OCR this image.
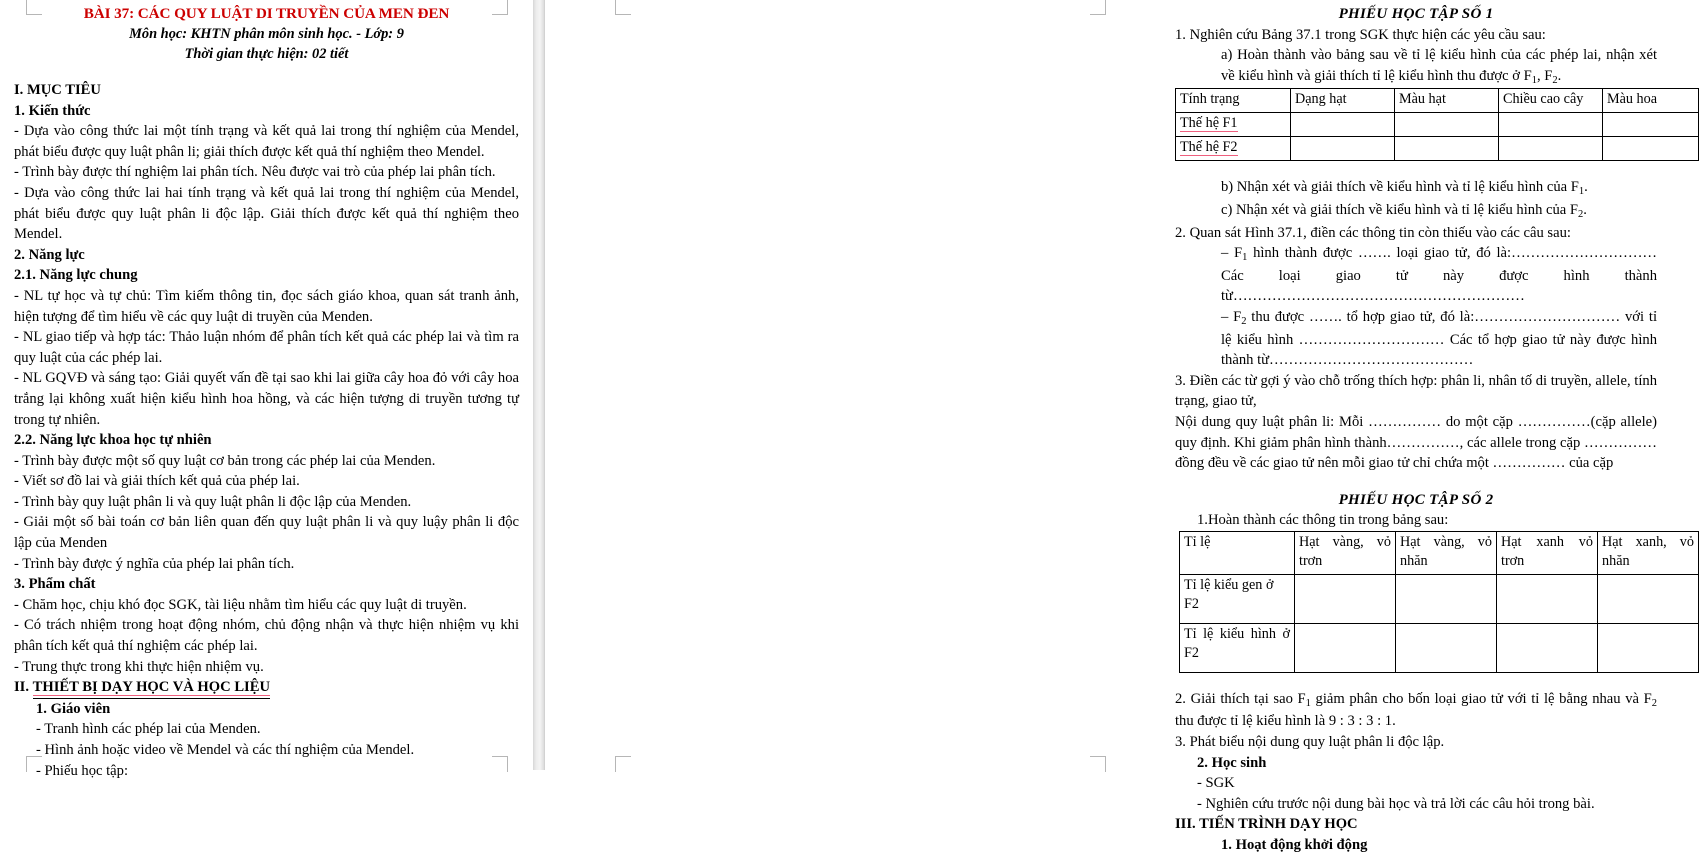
BÀI 37: CÁC QUY LUẬT DI TRUYỀN CỦA MEN ĐEN

Môn học: KHTN phân môn sinh học. - Lớp: 9

Thời gian thực hiện: 02 tiết

I. MỤC TIÊU

1. Kiến thức

- Dựa vào công thức lai một tính trạng và kết quả lai trong thí nghiệm của Mendel, phát biểu được quy luật phân li; giải thích được kết quả thí nghiệm theo Mendel.

- Trình bày được thí nghiệm lai phân tích. Nêu được vai trò của phép lai phân tích.

- Dựa vào công thức lai hai tính trạng và kết quả lai trong thí nghiệm của Mendel, phát biểu được quy luật phân li độc lập. Giải thích được kết quả thí nghiệm theo Mendel.

2. Năng lực

2.1. Năng lực chung

- NL tự học và tự chủ: Tìm kiếm thông tin, đọc sách giáo khoa, quan sát tranh ảnh, hiện tượng để tìm hiểu về các quy luật di truyền của Menden.

- NL giao tiếp và hợp tác: Thảo luận nhóm để phân tích kết quả các phép lai và tìm ra quy luật của các phép lai.

- NL GQVĐ và sáng tạo: Giải quyết vấn đề tại sao khi lai giữa cây hoa đỏ với cây hoa trắng lại không xuất hiện kiểu hình hoa hồng, và các hiện tượng di truyền tương tự trong tự nhiên.

2.2. Năng lực khoa học tự nhiên

- Trình bày được một số quy luật cơ bản trong các phép lai của Menden.

- Viết sơ đồ lai và giải thích kết quả của phép lai.

- Trình bày quy luật phân li và quy luật phân li độc lập của Menden.

- Giải một số bài toán cơ bản liên quan đến quy luật phân li và quy luậy phân li độc lập của Menden

- Trình bày được ý nghĩa của phép lai phân tích.

3. Phẩm chất

- Chăm học, chịu khó đọc SGK, tài liệu nhằm tìm hiểu các quy luật di truyền.

- Có trách nhiệm trong hoạt động nhóm, chủ động nhận và thực hiện nhiệm vụ khi phân tích kết quả thí nghiệm các phép lai.

- Trung thực trong khi thực hiện nhiệm vụ.

II. THIẾT BỊ DẠY HỌC VÀ HỌC LIỆU

1. Giáo viên

- Tranh hình các phép lai của Menden.

- Hình ảnh hoặc video về Mendel và các thí nghiệm của Mendel.

- Phiếu học tập:

PHIẾU HỌC TẬP SỐ 1

1. Nghiên cứu Bảng 37.1 trong SGK thực hiện các yêu cầu sau:

a) Hoàn thành vào bảng sau về tỉ lệ kiểu hình của các phép lai, nhận xét về kiểu hình và giải thích tỉ lệ kiểu hình thu được ở $F_1$, $F_2$.

Tính trạng	Dạng hạt	Màu hạt	Chiều cao cây	Màu hoa
Thế hệ F1				
Thế hệ F2				

b) Nhận xét và giải thích về kiểu hình và tỉ lệ kiểu hình của $F_1$.

c) Nhận xét và giải thích về kiểu hình và tỉ lệ kiểu hình của $F_2$.

2. Quan sát Hình 37.1, điền các thông tin còn thiếu vào các câu sau:

– $F_1$ hình thành được ……. loại giao tử, đó là:………………………… Các loại giao tử này được hình thành từ……………………………………………………

– $F_2$ thu được ……. tổ hợp giao tử, đó là:………………………… với tỉ lệ kiểu hình ………………………… Các tổ hợp giao tử này được hình thành từ……………………………………

3. Điền các từ gợi ý vào chỗ trống thích hợp: phân li, nhân tố di truyền, allele, tính trạng, giao tử,

Nội dung quy luật phân li: Mỗi …………… do một cặp ……………(cặp allele) quy định. Khi giảm phân hình thành……………, các allele trong cặp …………… đồng đều về các giao tử nên mỗi giao tử chỉ chứa một …………… của cặp

PHIẾU HỌC TẬP SỐ 2

1.Hoàn thành các thông tin trong bảng sau:

Tỉ lệ	Hạt vàng, vỏ trơn	Hạt vàng, vỏ nhăn	Hạt xanh vỏ trơn	Hạt xanh, vỏ nhăn
Tỉ lệ kiểu gen ở F2				
Tỉ lệ kiểu hình ở F2				

2. Giải thích tại sao $F_1$ giảm phân cho bốn loại giao tử với tỉ lệ bằng nhau và $F_2$ thu được tỉ lệ kiểu hình là 9 : 3 : 3 : 1.

3. Phát biểu nội dung quy luật phân li độc lập.

2. Học sinh

- SGK

- Nghiên cứu trước nội dung bài học và trả lời các câu hỏi trong bài.

III. TIẾN TRÌNH DẠY HỌC

1. Hoạt động khởi động
